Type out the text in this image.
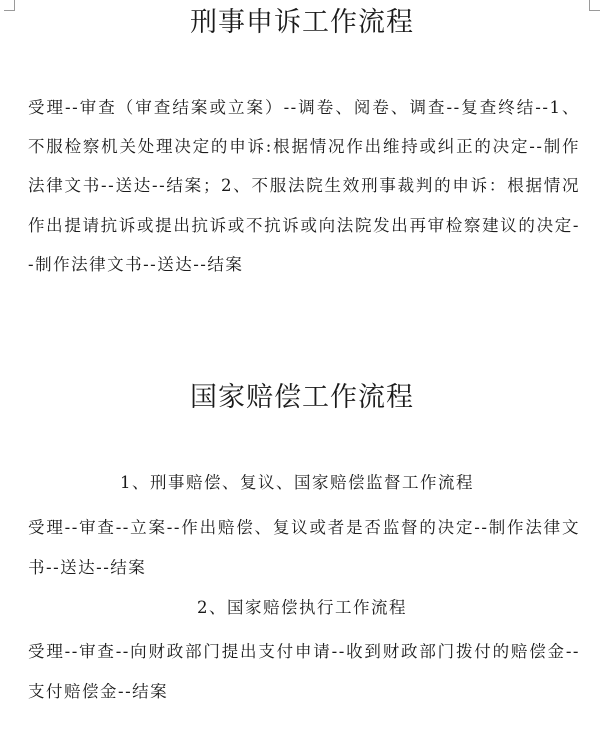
刑事申诉工作流程

受理--审查（审查结案或立案）--调卷、阅卷、调查--复查终结--1、不服检察机关处理决定的申诉:根据情况作出维持或纠正的决定--制作法律文书--送达--结案；2、不服法院生效刑事裁判的申诉：根据情况作出提请抗诉或提出抗诉或不抗诉或向法院发出再审检察建议的决定--制作法律文书--送达--结案

国家赔偿工作流程
1、刑事赔偿、复议、国家赔偿监督工作流程

受理--审查--立案--作出赔偿、复议或者是否监督的决定--制作法律文书--送达--结案

2、国家赔偿执行工作流程

受理--审查--向财政部门提出支付申请--收到财政部门拨付的赔偿金--支付赔偿金--结案
